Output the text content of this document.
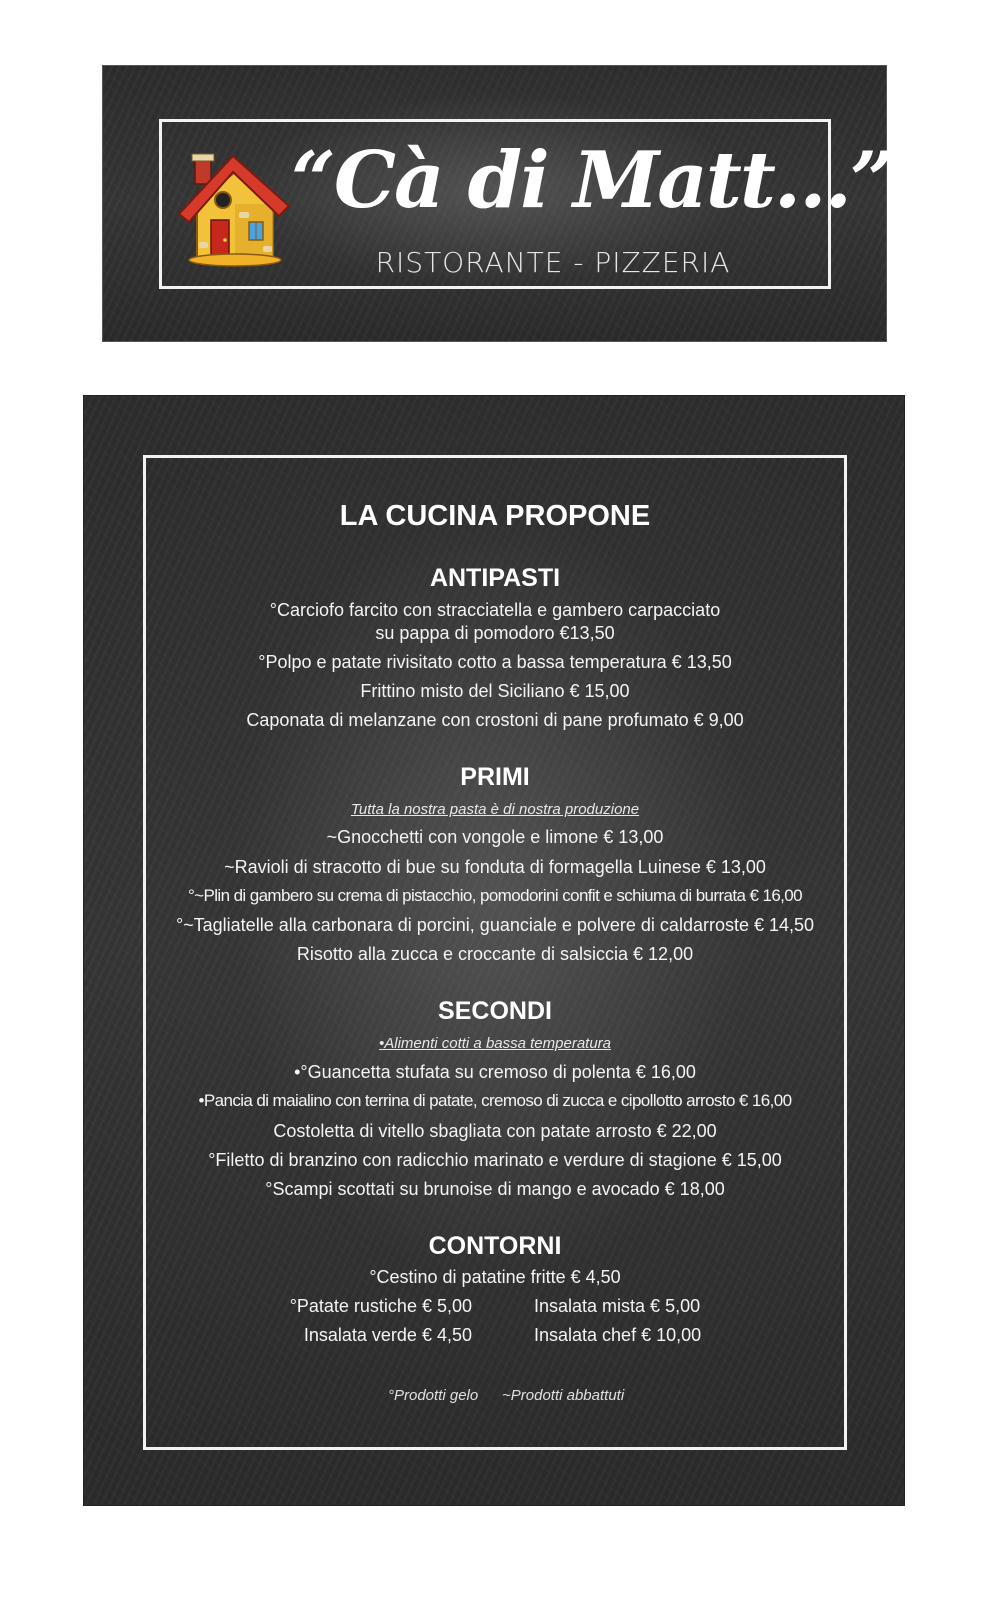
“Cà di Matt…”
RISTORANTE - PIZZERIA
LA CUCINA PROPONE
ANTIPASTI
°Carciofo farcito con stracciatella e gambero carpacciato
su pappa di pomodoro €13,50
°Polpo e patate rivisitato cotto a bassa temperatura € 13,50
Frittino misto del Siciliano € 15,00
Caponata di melanzane con crostoni di pane profumato € 9,00
PRIMI
Tutta la nostra pasta è di nostra produzione
~Gnocchetti con vongole e limone € 13,00
~Ravioli di stracotto di bue su fonduta di formagella Luinese € 13,00
°~Plin di gambero su crema di pistacchio, pomodorini confit e schiuma di burrata € 16,00
°~Tagliatelle alla carbonara di porcini, guanciale e polvere di caldarroste € 14,50
Risotto alla zucca e croccante di salsiccia € 12,00
SECONDI
•Alimenti cotti a bassa temperatura
•°Guancetta stufata su cremoso di polenta € 16,00
•Pancia di maialino con terrina di patate, cremoso di zucca e cipollotto arrosto € 16,00
Costoletta di vitello sbagliata con patate arrosto € 22,00
°Filetto di branzino con radicchio marinato e verdure di stagione € 15,00
°Scampi scottati su brunoise di mango e avocado € 18,00
CONTORNI
°Cestino di patatine fritte € 4,50
°Patate rustiche € 5,00	Insalata mista € 5,00
Insalata verde € 4,50	Insalata chef € 10,00
°Prodotti gelo ~Prodotti abbattuti
